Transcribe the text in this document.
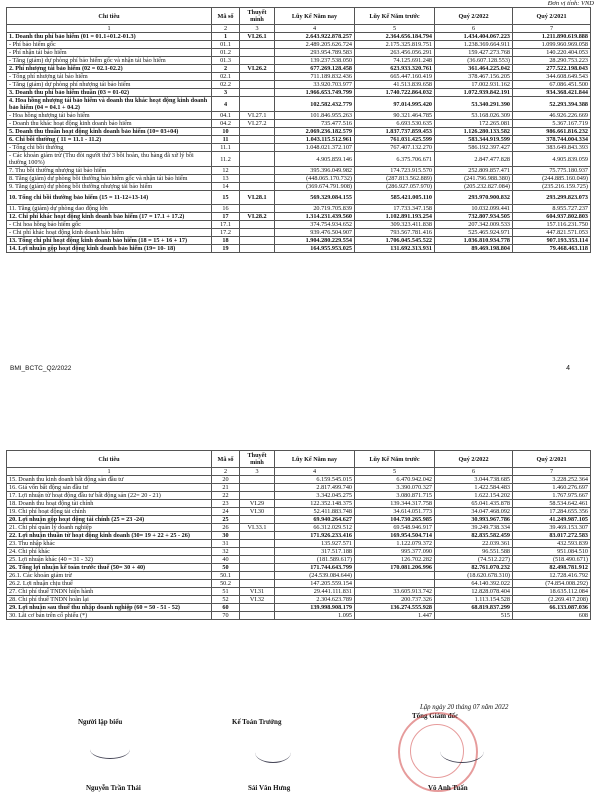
Đơn vị tính: VND
Chỉ tiêu	Mã số	Thuyết minh	Lũy Kế Năm nay	Lũy Kế Năm trước	Quý 2/2022	Quý 2/2021
1	2	3	4	5	6	7
1. Doanh thu phí bảo hiểm (01 = 01.1+01.2-01.3)	1	VI.26.1	2.643.922.878.257	2.364.656.184.794	1.434.404.067.223	1.211.890.619.888
- Phí bảo hiểm gốc	01.1		2.489.205.626.724	2.175.325.819.751	1.238.369.664.911	1.099.960.969.058
- Phí nhận tái bảo hiểm	01.2		293.954.789.583	263.456.056.291	159.427.273.768	140.220.404.053
- Tăng (giảm) dự phòng phí bảo hiểm gốc và nhận tái bảo hiểm	01.3		139.237.538.050	74.125.691.248	(36.607.128.553)	28.290.753.223
2. Phí nhượng tái bảo hiểm (02 = 02.1-02.2)	2	VI.26.2	677.269.128.458	623.933.320.761	361.464.225.042	277.522.198.043
- Tổng phí nhượng tái bảo hiểm	02.1		711.189.832.436	665.447.160.419	378.467.156.205	344.608.649.543
- Tăng (giảm) dự phòng phí nhượng tái bảo hiểm	02.2		33.920.703.977	41.513.839.658	17.002.931.162	67.086.451.500
3. Doanh thu phí bảo hiểm thuần (03 = 01-02)	3		1.966.653.749.799	1.740.722.864.032	1.072.939.842.191	934.368.421.844
4. Hoa hồng nhượng tái bảo hiểm và doanh thu khác hoạt động kinh doanh bảo hiểm (04 = 04.1 + 04.2)	4		102.582.432.779	97.014.995.420	53.340.291.390	52.293.394.388
- Hoa hồng nhượng tái bảo hiểm	04.1	VI.27.1	101.846.955.263	90.321.464.785	53.168.026.309	46.926.226.669
- Doanh thu khác hoạt động kinh doanh bảo hiểm	04.2	VI.27.2	735.477.516	6.693.530.635	172.265.081	5.367.167.719
5. Doanh thu thuần hoạt động kinh doanh bảo hiểm (10= 03+04)	10		2.069.236.182.579	1.837.737.859.453	1.126.280.133.582	986.661.816.232
6. Chi bồi thường ( 11 = 11.1 - 11.2)	11		1.043.115.512.961	761.031.425.599	583.344.919.599	378.744.004.334
- Tổng chi bồi thường	11.1		1.048.021.372.107	767.407.132.270	586.192.397.427	383.649.843.393
- Các khoản giảm trừ (Thu đòi người thứ 3 bồi hoàn, thu hàng đã xử lý bồi thường 100%)	11.2		4.905.859.146	6.375.706.671	2.847.477.828	4.905.839.059
7. Thu bồi thường nhượng tái bảo hiểm	12		395.396.049.982	174.723.915.570	252.809.857.471	75.775.180.937
8. Tăng (giảm) dự phòng bồi thường bảo hiểm gốc và nhận tái bảo hiểm	13		(448.065.170.732)	(287.813.562.889)	(241.796.988.380)	(244.885.160.049)
9. Tăng (giảm) dự phòng bồi thường nhượng tái bảo hiểm	14		(369.674.791.908)	(286.927.057.970)	(205.232.827.084)	(235.216.159.725)
10. Tổng chi bồi thường bảo hiểm (15 = 11-12+13-14)	15	VI.28.1	569.329.084.155	585.421.005.110	293.970.900.832	293.299.823.073
11. Tăng (giảm) dự phòng dao động lớn	16		20.719.705.839	17.733.347.158	10.032.099.441	8.955.727.237
12. Chi phí khác hoạt động kinh doanh bảo hiểm (17 = 17.1 + 17.2)	17	VI.28.2	1.314.231.439.560	1.102.891.193.254	732.807.934.505	604.937.802.803
- Chi hoa hồng bảo hiểm gốc	17.1		374.754.934.652	309.323.411.838	207.342.009.533	157.116.231.750
- Chi phí khác hoạt động kinh doanh bảo hiểm	17.2		939.476.504.907	793.567.781.416	525.465.924.971	447.821.571.053
13. Tổng chi phí hoạt động kinh doanh bảo hiểm (18 = 15 + 16 + 17)	18		1.904.280.229.554	1.706.045.545.522	1.036.810.934.778	907.193.353.114
14. Lợi nhuận gộp hoạt động kinh doanh bảo hiểm (19= 10- 18)	19		164.955.953.025	131.692.313.931	89.469.198.804	79.468.463.118
BMI_BCTC_Q2/2022	4
Chỉ tiêu	Mã số	Thuyết minh	Lũy Kế Năm nay	Lũy Kế Năm trước	Quý 2/2022	Quý 2/2021
1	2	3	4	5	6	7
15. Doanh thu kinh doanh bất động sản đầu tư	20		6.159.545.015	6.470.942.042	3.044.738.685	3.228.252.364
16. Giá vốn bất động sản đầu tư	21		2.817.499.740	3.390.070.327	1.422.584.483	1.460.276.697
17. Lợi nhuận từ hoạt động đầu tư bất động sản (22= 20 - 21)	22		3.342.045.275	3.080.871.715	1.622.154.202	1.767.975.667
18. Doanh thu hoạt động tài chính	23	VI.29	122.352.148.375	139.344.317.758	65.041.435.878	58.534.642.461
19. Chi phí hoạt động tài chính	24	VI.30	52.411.883.748	34.614.051.773	34.047.468.092	17.284.655.356
20. Lợi nhuận gộp hoạt động tài chính (25 = 23 -24)	25		69.940.264.627	104.730.265.985	30.993.967.786	41.249.987.105
21. Chi phí quản lý doanh nghiệp	26	VI.33.1	66.312.029.512	69.548.946.917	39.249.738.334	39.469.153.307
22. Lợi nhuận thuần từ hoạt động kinh doanh (30= 19 + 22 + 25 - 26)	30		171.926.233.416	169.954.504.714	82.835.582.459	83.017.272.583
23. Thu nhập khác	31		135.927.571	1.122.079.372	22.039.361	432.593.839
24. Chi phí khác	32		317.517.188	995.377.090	96.551.588	951.084.510
25. Lợi nhuận khác (40 = 31 - 32)	40		(181.589.617)	126.702.282	(74.512.227)	(518.490.671)
26. Tổng lợi nhuận kế toán trước thuế (50= 30 + 40)	50		171.744.643.799	170.081.206.996	82.761.070.232	82.498.781.912
26.1. Các khoản giảm trừ	50.1		(24.539.084.644)		(18.620.678.310)	12.728.416.792
26.2. Lợi nhuận chịu thuế	50.2		147.205.559.154		64.140.392.022	(74.854.008.292)
27. Chi phí thuế TNDN hiện hành	51	VI.31	29.441.111.831	33.605.913.742	12.828.078.404	18.635.112.084
28. Chi phí thuế TNDN hoãn lại	52	VI.32	2.304.623.789	200.737.326	1.113.154.528	(2.269.417.208)
29. Lợi nhuận sau thuế thu nhập doanh nghiệp (60 = 50 - 51 - 52)	60		139.998.908.179	136.274.555.928	68.819.837.299	66.133.087.036
30. Lãi cơ bản trên cổ phiếu (*)	70		1.095	1.447	515	608
Lập ngày 20 tháng 07 năm 2022
Người lập biểu	Kế Toán Trưởng
Tổng Giám đốc
Nguyễn Trần Thái	Sái Văn Hưng	Võ Anh Tuấn
